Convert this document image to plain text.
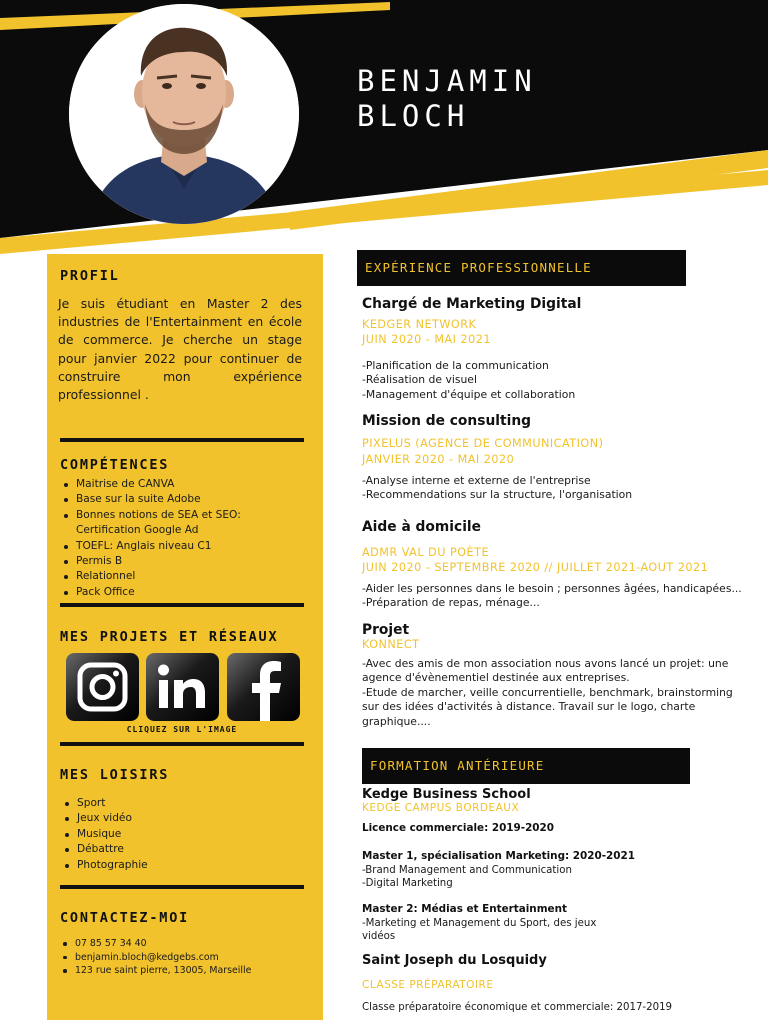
BENJAMIN
BLOCH
PROFIL

Je suis étudiant en Master 2 des industries de l'Entertainment en école de commerce. Je cherche un stage pour janvier 2022 pour continuer de construire mon expérience professionnel .

COMPÉTENCES
Maitrise de CANVA
Base sur la suite Adobe
Bonnes notions de SEA et SEO: Certification Google Ad
TOEFL: Anglais niveau C1
Permis B
Relationnel
Pack Office
MES PROJETS ET RÉSEAUX
CLIQUEZ SUR L'IMAGE
MES LOISIRS
Sport
Jeux vidéo
Musique
Débattre
Photographie
CONTACTEZ-MOI
07 85 57 34 40
benjamin.bloch@kedgebs.com
123 rue saint pierre, 13005, Marseille
EXPÉRIENCE PROFESSIONNELLE
Chargé de Marketing Digital
KEDGER NETWORK
JUIN 2020 - MAI 2021
-Planification de la communication
-Réalisation de visuel
-Management d'équipe et collaboration
Mission de consulting
PIXELUS (AGENCE DE COMMUNICATION)
JANVIER 2020 - MAI 2020
-Analyse interne et externe de l'entreprise
-Recommendations sur la structure, l'organisation
Aide à domicile
ADMR VAL DU POÈTE
JUIN 2020 - SEPTEMBRE 2020 // JUILLET 2021-AOUT 2021
-Aider les personnes dans le besoin ; personnes âgées, handicapées...
-Préparation de repas, ménage...
Projet
KONNECT
-Avec des amis de mon association nous avons lancé un projet: une
agence d'évènementiel destinée aux entreprises.
-Etude de marcher, veille concurrentielle, benchmark, brainstorming
sur des idées d'activités à distance. Travail sur le logo, charte
graphique....
FORMATION ANTÉRIEURE
Kedge Business School
KEDGE CAMPUS BORDEAUX
Licence commerciale: 2019-2020
Master 1, spécialisation Marketing: 2020-2021
-Brand Management and Communication
-Digital Marketing
Master 2: Médias et Entertainment
-Marketing et Management du Sport, des jeux
vidéos
Saint Joseph du Losquidy
CLASSE PRÉPARATOIRE
Classe préparatoire économique et commerciale: 2017-2019
